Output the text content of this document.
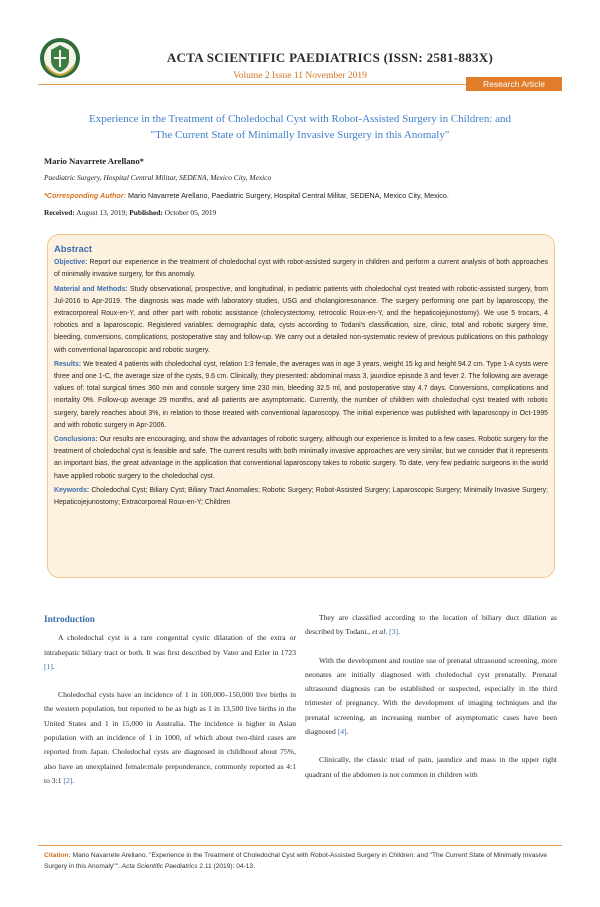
ACTA SCIENTIFIC PAEDIATRICS (ISSN: 2581-883X)
Volume 2 Issue 11 November 2019
Research Article
Experience in the Treatment of Choledochal Cyst with Robot-Assisted Surgery in Children: and
"The Current State of Minimally Invasive Surgery in this Anomaly"
Mario Navarrete Arellano*
Paediatric Surgery, Hospital Central Militar, SEDENA, Mexico City, Mexico
*Corresponding Author: Mario Navarrete Arellano, Paediatric Surgery, Hospital Central Militar, SEDENA, Mexico City, Mexico.
Received: August 13, 2019; Published: October 05, 2019
Abstract

Objective: Report our experience in the treatment of choledochal cyst with robot-assisted surgery in children and perform a current analysis of both approaches of minimally invasive surgery, for this anomaly.

Material and Methods: Study observational, prospective, and longitudinal, in pediatric patients with choledochal cyst treated with robotic-assisted surgery, from Jul-2016 to Apr-2019. The diagnosis was made with laboratory studies, USG and cholangioresonance. The surgery performing one part by laparoscopy, the extracorporeal Roux-en-Y, and other part with robotic assistance (cholecystectomy, retrocolic Roux-en-Y, and the hepaticojejunostomy). We use 5 trocars, 4 robotics and a laparoscopic. Registered variables: demographic data, cysts according to Todani's classification, size, clinic, total and robotic surgery time, bleeding, conversions, complications, postoperative stay and follow-up. We carry out a detailed non-systematic review of previous publications on this pathology with conventional laparoscopic and robotic surgery.

Results: We treated 4 patients with choledochal cyst, relation 1:3 female, the averages was in age 3 years, weight 15 kg and height 94.2 cm. Type 1-A cysts were three and one 1-C, the average size of the cysts, 9.6 cm. Clinically, they presented: abdominal mass 3, jaundice episode 3 and fever 2. The following are average values of: total surgical times 360 min and console surgery time 230 min, bleeding 32.5 ml, and postoperative stay 4.7 days. Conversions, complications and mortality 0%. Follow-up average 29 months, and all patients are asymptomatic. Currently, the number of children with choledochal cyst treated with robotic surgery, barely reaches about 3%, in relation to those treated with conventional laparoscopy. The initial experience was published with laparoscopy in Oct-1995 and with robotic surgery in Apr-2006.

Conclusions: Our results are encouraging, and show the advantages of robotic surgery, although our experience is limited to a few cases. Robotic surgery for the treatment of choledochal cyst is feasible and safe. The current results with both minimally invasive approaches are very similar, but we consider that it represents an important bias, the great advantage in the application that conventional laparoscopy takes to robotic surgery. To date, very few pediatric surgeons in the world have applied robotic surgery to the choledochal cyst.

Keywords: Choledochal Cyst; Biliary Cyst; Biliary Tract Anomalies; Robotic Surgery; Robot-Assisted Surgery; Laparoscopic Surgery; Minimally Invasive Surgery; Hepaticojejunostomy; Extracorporeal Roux-en-Y; Children

Introduction

A choledochal cyst is a rare congenital cystic dilatation of the extra or intrahepatic biliary tract or both. It was first described by Vater and Ezler in 1723 [1].

Choledochal cysts have an incidence of 1 in 100,000–150,000 live births in the western population, but reported to be as high as 1 in 13,500 live births in the United States and 1 in 15,000 in Australia. The incidence is higher in Asian population with an incidence of 1 in 1000, of which about two-third cases are reported from Japan. Choledochal cysts are diagnosed in childhood about 75%, also have an unexplained female:male preponderance, commonly reported as 4:1 to 3:1 [2].

They are classified according to the location of biliary duct dilation as described by Todani., et al. [3].

With the development and routine use of prenatal ultrasound screening, more neonates are initially diagnosed with choledochal cyst prenatally. Prenatal ultrasound diagnosis can be established or suspected, especially in the third trimester of pregnancy. With the development of imaging techniques and the prenatal screening, an increasing number of asymptomatic cases have been diagnosed [4].

Clinically, the classic triad of pain, jaundice and mass in the upper right quadrant of the abdomen is not common in children with

Citation: Mario Navarrete Arellano. "Experience in the Treatment of Choledochal Cyst with Robot-Assisted Surgery in Children: and "The Current State of Minimally Invasive Surgery in this Anomaly"". Acta Scientific Paediatrics 2.11 (2019): 04-13.
